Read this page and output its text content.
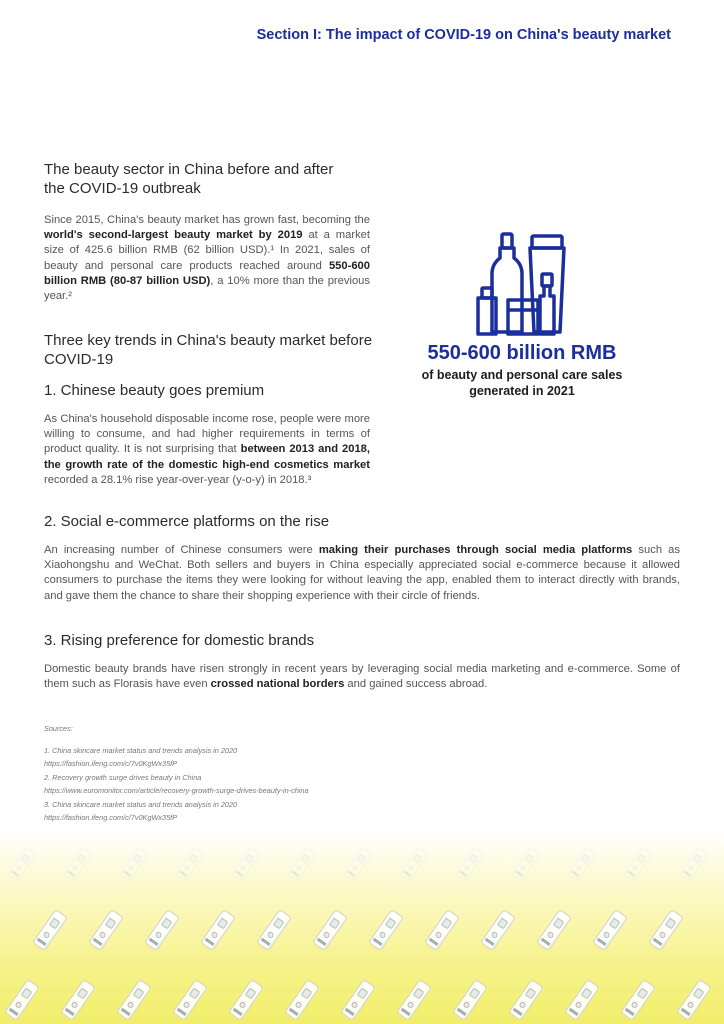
Section I: The impact of COVID-19 on China's beauty market
The beauty sector in China before and after
the COVID-19 outbreak
Since 2015, China's beauty market has grown fast, becoming the world's second-largest beauty market by 2019 at a market size of 425.6 billion RMB (62 billion USD).¹ In 2021, sales of beauty and personal care products reached around 550-600 billion RMB (80-87 billion USD), a 10% more than the previous year.²
Three key trends in China's beauty market before
COVID-19
1. Chinese beauty goes premium
As China's household disposable income rose, people were more willing to consume, and had higher requirements in terms of product quality. It is not surprising that between 2013 and 2018, the growth rate of the domestic high-end cosmetics market recorded a 28.1% rise year-over-year (y-o-y) in 2018.³
2. Social e-commerce platforms on the rise
An increasing number of Chinese consumers were making their purchases through social media platforms such as Xiaohongshu and WeChat. Both sellers and buyers in China especially appreciated social e-commerce because it allowed consumers to purchase the items they were looking for without leaving the app, enabled them to interact directly with brands, and gave them the chance to share their shopping experience with their circle of friends.
3. Rising preference for domestic brands
Domestic beauty brands have risen strongly in recent years by leveraging social media marketing and e-commerce. Some of them such as Florasis have even crossed national borders and gained success abroad.
550-600 billion RMB
of beauty and personal care sales
generated in 2021
Sources:
1. China skincare market status and trends analysis in 2020
https://fashion.ifeng.com/c/7v0KgWx35fP
2. Recovery growth surge drives beauty in China
https://www.euromonitor.com/article/recovery-growth-surge-drives-beauty-in-china
3. China skincare market status and trends analysis in 2020
https://fashion.ifeng.com/c/7v0KgWx35fP
